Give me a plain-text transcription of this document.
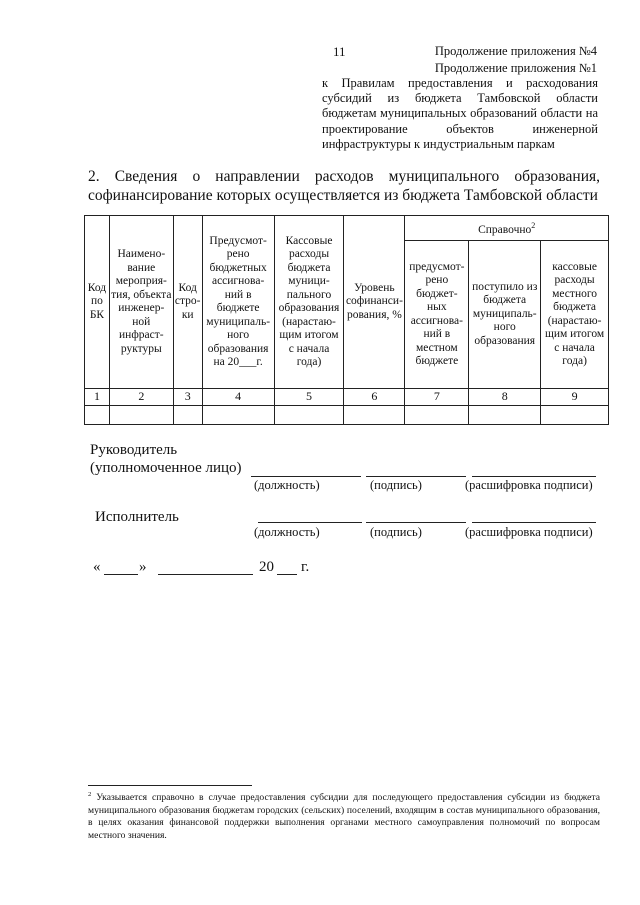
11	Продолжение приложения №4
Продолжение приложения №1
к Правилам предоставления и расходования субсидий из бюджета Тамбовской области бюджетам муниципальных образований области на проектирование объектов инженерной инфраструктуры к индустриальным паркам
2. Сведения о направлении расходов муниципального образования,
софинансирование которых осуществляется из бюджета Тамбовской области
Код по БК	Наимено-вание мероприя-тия, объекта инженер-ной инфраст-руктуры	Код стро-ки	Предусмот-рено бюджетных ассигнова-ний в бюджете муниципаль-ного образования на 20___г.	Кассовые расходы бюджета муници-пального образования (нарастаю-щим итогом с начала года)	Уровень софинанси-рования, %	Справочно$^2$
						предусмот-рено бюджет-ных ассигнова-ний в местном бюджете	поступило из бюджета муниципаль-ного образования	кассовые расходы местного бюджета (нарастаю-щим итогом с начала года)
1	2	3	4	5	6	7	8	9

Руководитель
(уполномоченное лицо)
(должность)	(подпись)	(расшифровка подписи)
Исполнитель
(должность)	(подпись)	(расшифровка подписи)
«	»	20 г.
$^2$ Указывается справочно в случае предоставления субсидии для последующего предоставления субсидии из бюджета муниципального образования бюджетам городских (сельских) поселений, входящим в состав муниципального образования, в целях оказания финансовой поддержки выполнения органами местного самоуправления полномочий по вопросам местного значения.
